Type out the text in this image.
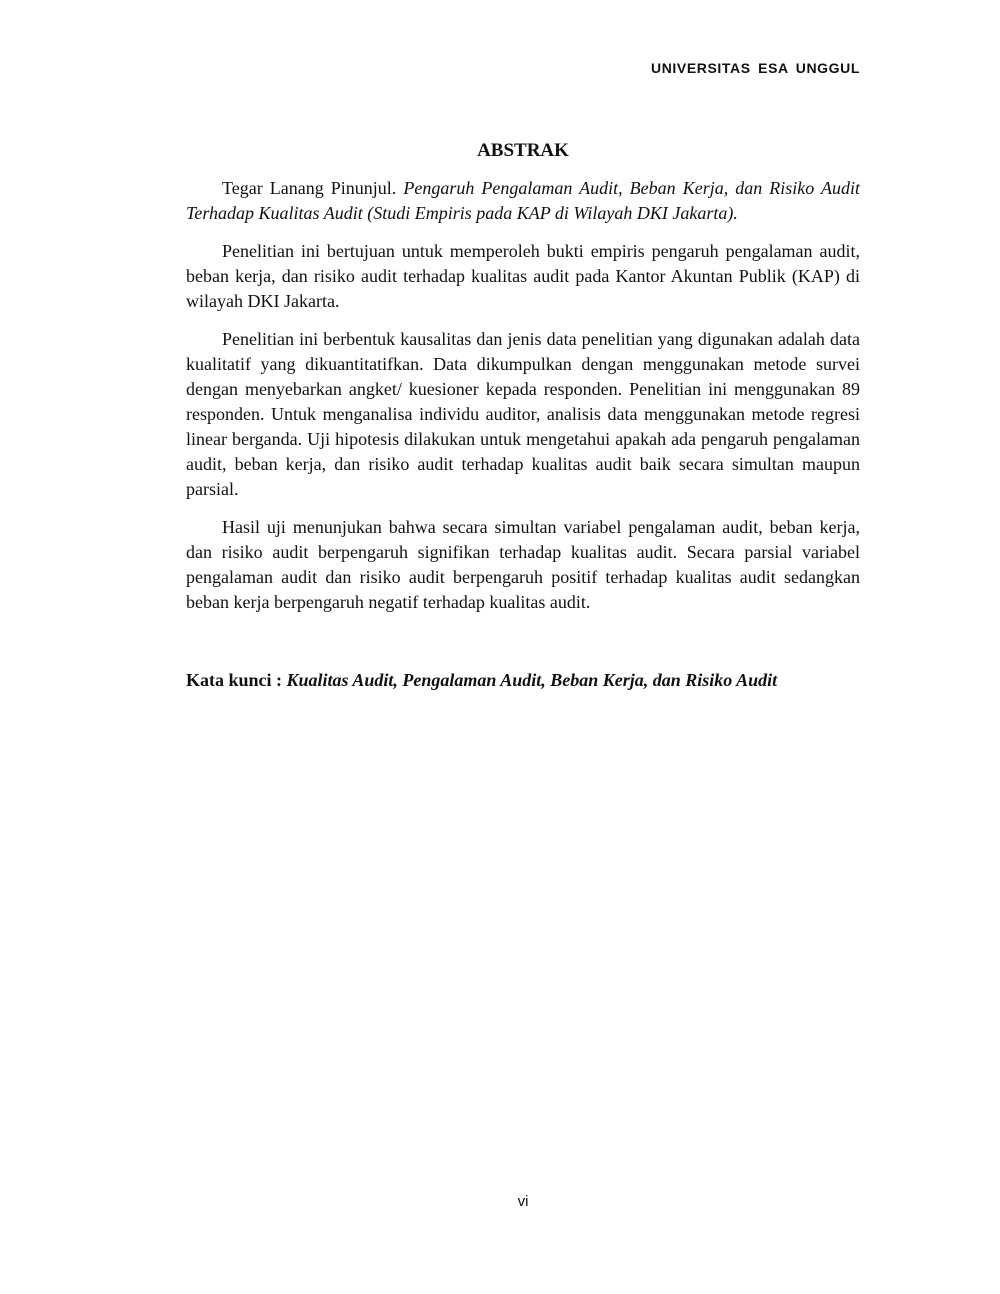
UNIVERSITAS ESA UNGGUL
ABSTRAK

Tegar Lanang Pinunjul. Pengaruh Pengalaman Audit, Beban Kerja, dan Risiko Audit Terhadap Kualitas Audit (Studi Empiris pada KAP di Wilayah DKI Jakarta).

Penelitian ini bertujuan untuk memperoleh bukti empiris pengaruh pengalaman audit, beban kerja, dan risiko audit terhadap kualitas audit pada Kantor Akuntan Publik (KAP) di wilayah DKI Jakarta.

Penelitian ini berbentuk kausalitas dan jenis data penelitian yang digunakan adalah data kualitatif yang dikuantitatifkan. Data dikumpulkan dengan menggunakan metode survei dengan menyebarkan angket/ kuesioner kepada responden. Penelitian ini menggunakan 89 responden. Untuk menganalisa individu auditor, analisis data menggunakan metode regresi linear berganda. Uji hipotesis dilakukan untuk mengetahui apakah ada pengaruh pengalaman audit, beban kerja, dan risiko audit terhadap kualitas audit baik secara simultan maupun parsial.

Hasil uji menunjukan bahwa secara simultan variabel pengalaman audit, beban kerja, dan risiko audit berpengaruh signifikan terhadap kualitas audit. Secara parsial variabel pengalaman audit dan risiko audit berpengaruh positif terhadap kualitas audit sedangkan beban kerja berpengaruh negatif terhadap kualitas audit.

Kata kunci : Kualitas Audit, Pengalaman Audit, Beban Kerja, dan Risiko Audit
vi
